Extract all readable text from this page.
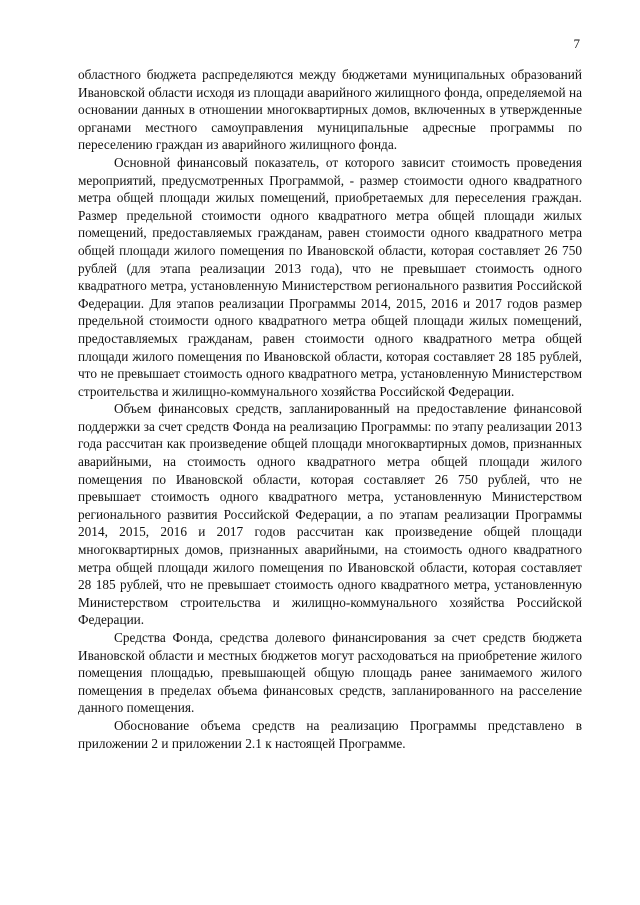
7

областного бюджета распределяются между бюджетами муниципальных образований Ивановской области исходя из площади аварийного жилищного фонда, определяемой на основании данных в отношении многоквартирных домов, включенных в утвержденные органами местного самоуправления муниципальные адресные программы по переселению граждан из аварийного жилищного фонда.

Основной финансовый показатель, от которого зависит стоимость проведения мероприятий, предусмотренных Программой, - размер стоимости одного квадратного метра общей площади жилых помещений, приобретаемых для переселения граждан. Размер предельной стоимости одного квадратного метра общей площади жилых помещений, предоставляемых гражданам, равен стоимости одного квадратного метра общей площади жилого помещения по Ивановской области, которая составляет 26 750 рублей (для этапа реализации 2013 года), что не превышает стоимость одного квадратного метра, установленную Министерством регионального развития Российской Федерации. Для этапов реализации Программы 2014, 2015, 2016 и 2017 годов размер предельной стоимости одного квадратного метра общей площади жилых помещений, предоставляемых гражданам, равен стоимости одного квадратного метра общей площади жилого помещения по Ивановской области, которая составляет 28 185 рублей, что не превышает стоимость одного квадратного метра, установленную Министерством строительства и жилищно-коммунального хозяйства Российской Федерации.

Объем финансовых средств, запланированный на предоставление финансовой поддержки за счет средств Фонда на реализацию Программы: по этапу реализации 2013 года рассчитан как произведение общей площади многоквартирных домов, признанных аварийными, на стоимость одного квадратного метра общей площади жилого помещения по Ивановской области, которая составляет 26 750 рублей, что не превышает стоимость одного квадратного метра, установленную Министерством регионального развития Российской Федерации, а по этапам реализации Программы 2014, 2015, 2016 и 2017 годов рассчитан как произведение общей площади многоквартирных домов, признанных аварийными, на стоимость одного квадратного метра общей площади жилого помещения по Ивановской области, которая составляет 28 185 рублей, что не превышает стоимость одного квадратного метра, установленную Министерством строительства и жилищно-коммунального хозяйства Российской Федерации.

Средства Фонда, средства долевого финансирования за счет средств бюджета Ивановской области и местных бюджетов могут расходоваться на приобретение жилого помещения площадью, превышающей общую площадь ранее занимаемого жилого помещения в пределах объема финансовых средств, запланированного на расселение данного помещения.

Обоснование объема средств на реализацию Программы представлено в приложении 2 и приложении 2.1 к настоящей Программе.
